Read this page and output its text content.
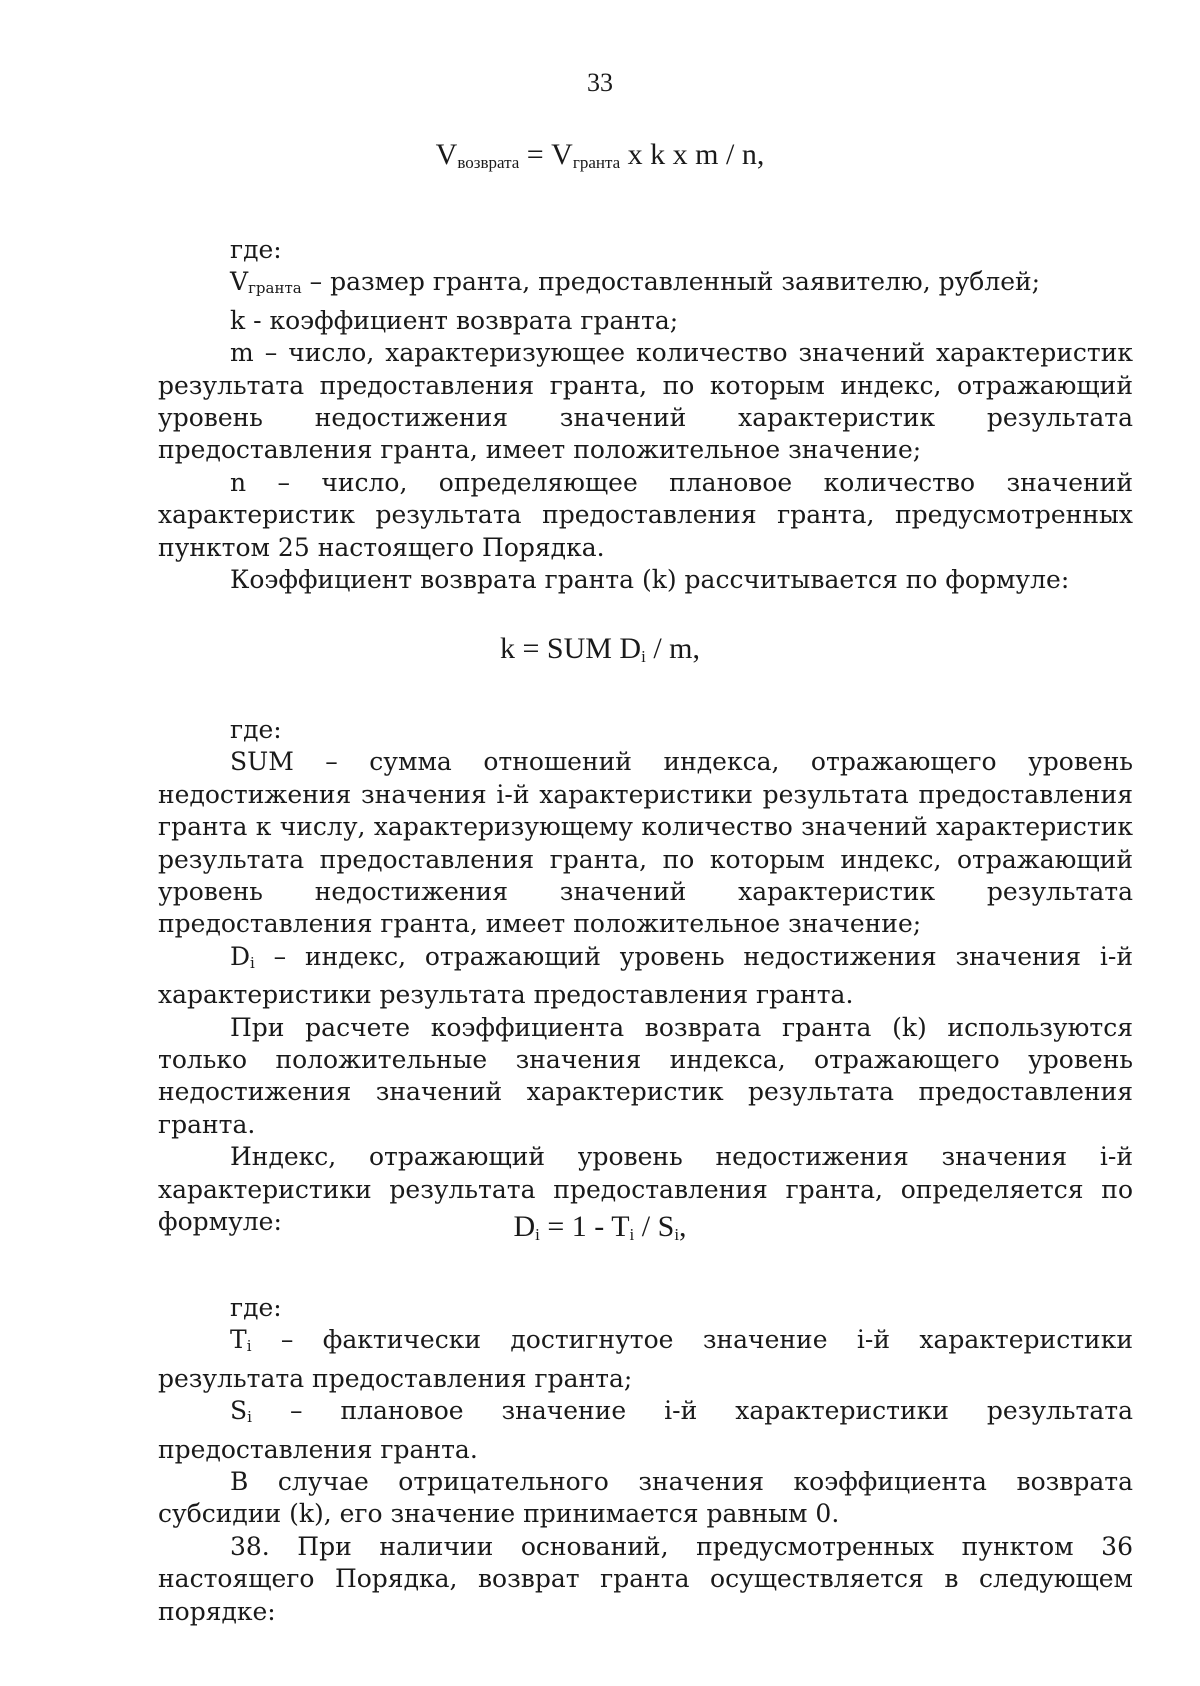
33
$V_{возврата} = V_{гранта}$ x k x m / n,

где:

$V_{гранта}$ – размер гранта, предоставленный заявителю, рублей;

k - коэффициент возврата гранта;

m – число, характеризующее количество значений характеристик результата предоставления гранта, по которым индекс, отражающий уровень недостижения значений характеристик результата предоставления гранта, имеет положительное значение;

n – число, определяющее плановое количество значений характеристик результата предоставления гранта, предусмотренных пунктом 25 настоящего Порядка.

Коэффициент возврата гранта (k) рассчитывается по формуле:

k = SUM $D_i$ / m,

где:

SUM – сумма отношений индекса, отражающего уровень недостижения значения i-й характеристики результата предоставления гранта к числу, характеризующему количество значений характеристик результата предоставления гранта, по которым индекс, отражающий уровень недостижения значений характеристик результата предоставления гранта, имеет положительное значение;

$D_i$ – индекс, отражающий уровень недостижения значения i-й характеристики результата предоставления гранта.

При расчете коэффициента возврата гранта (k) используются только положительные значения индекса, отражающего уровень недостижения значений характеристик результата предоставления гранта.

Индекс, отражающий уровень недостижения значения i-й характеристики результата предоставления гранта, определяется по формуле:	$D_i = 1 - T_i / S_i$,

где:

$T_i$ – фактически достигнутое значение i-й характеристики результата предоставления гранта;

$S_i$ – плановое значение i-й характеристики результата предоставления гранта.

В случае отрицательного значения коэффициента возврата субсидии (k), его значение принимается равным 0.

38. При наличии оснований, предусмотренных пунктом 36 настоящего Порядка, возврат гранта осуществляется в следующем порядке:
